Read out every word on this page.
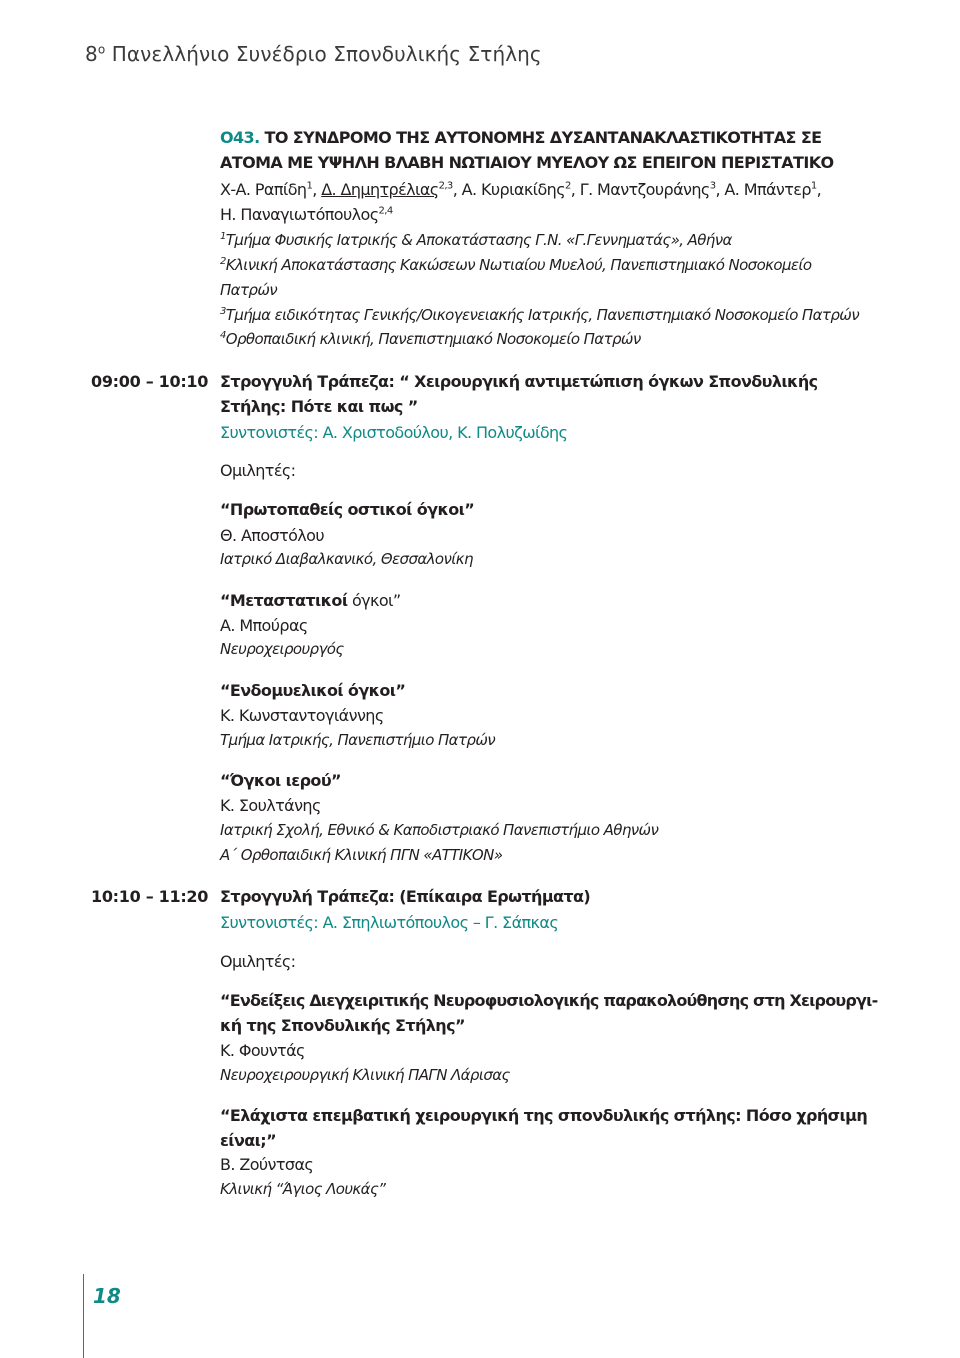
$8^o$ Πανελλήνιο Συνέδριο Σπονδυλικής Στήλης
Ο43. ΤΟ ΣΥΝΔΡΟΜΟ ΤΗΣ ΑΥΤΟΝΟΜΗΣ ΔΥΣΑΝΤΑΝΑΚΛΑΣΤΙΚΟΤΗΤΑΣ ΣΕ
ΑΤΟΜΑ ΜΕ ΥΨΗΛΗ ΒΛΑΒΗ ΝΩΤΙΑΙΟΥ ΜΥΕΛΟΥ ΩΣ ΕΠΕΙΓΟΝ ΠΕΡΙΣΤΑΤΙΚΟ
Χ-Α. Ραπίδη$^1$, Δ. Δημητρέλιας$^{2,3}$, Α. Κυριακίδης$^2$, Γ. Μαντζουράνης$^3$, Α. Μπάντερ$^1$,
Η. Παναγιωτόπουλος$^{2,4}$
$^1$Τμήμα Φυσικής Ιατρικής & Αποκατάστασης Γ.Ν. «Γ.Γεννηματάς», Αθήνα
$^2$Κλινική Αποκατάστασης Κακώσεων Νωτιαίου Μυελού, Πανεπιστημιακό Νοσοκομείο
Πατρών
$^3$Τμήμα ειδικότητας Γενικής/Οικογενειακής Ιατρικής, Πανεπιστημιακό Νοσοκομείο Πατρών
$^4$Ορθοπαιδική κλινική, Πανεπιστημιακό Νοσοκομείο Πατρών
09:00 – 10:10 Στρογγυλή Τράπεζα: “ Χειρουργική αντιμετώπιση όγκων Σπονδυλικής
Στήλης: Πότε και πως ”
Συντονιστές: Α. Χριστοδούλου, Κ. Πολυζωίδης
Ομιλητές:
“Πρωτοπαθείς οστικοί όγκοι”
Θ. Αποστόλου
Ιατρικό Διαβαλκανικό, Θεσσαλονίκη
“Μεταστατικοί όγκοι”
Α. Μπούρας
Νευροχειρουργός
“Ενδομυελικοί όγκοι”
Κ. Κωνσταντογιάννης
Τμήμα Ιατρικής, Πανεπιστήμιο Πατρών
“Όγκοι ιερού”
Κ. Σουλτάνης
Ιατρική Σχολή, Εθνικό & Καποδιστριακό Πανεπιστήμιο Αθηνών
Α΄ Ορθοπαιδική Κλινική ΠΓΝ «ΑΤΤΙΚΟΝ»
10:10 – 11:20 Στρογγυλή Τράπεζα: (Επίκαιρα Ερωτήματα)
Συντονιστές: Α. Σπηλιωτόπουλος – Γ. Σάπκας
Ομιλητές:
“Ενδείξεις Διεγχειριτικής Νευροφυσιολογικής παρακολούθησης στη Χειρουργι-
κή της Σπονδυλικής Στήλης”
Κ. Φουντάς
Νευροχειρουργική Κλινική ΠΑΓΝ Λάρισας
“Ελάχιστα επεμβατική χειρουργική της σπονδυλικής στήλης: Πόσο χρήσιμη
είναι;”
Β. Ζούντσας
Κλινική “Άγιος Λουκάς”
18
